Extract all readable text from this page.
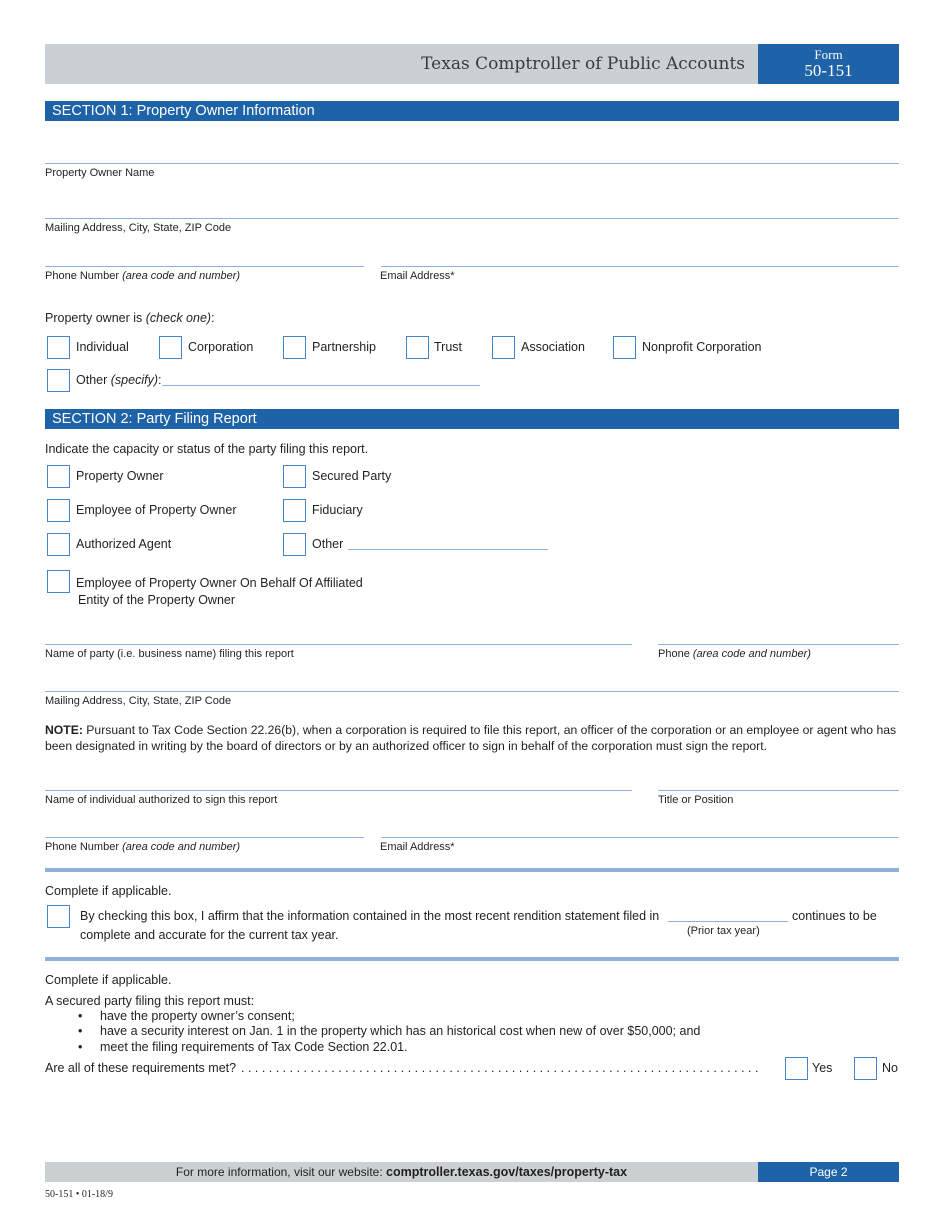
Texas Comptroller of Public Accounts	Form
50-151
SECTION 1: Property Owner Information
Property Owner Name
Mailing Address, City, State, ZIP Code
Phone Number (area code and number)	Email Address*
Property owner is (check one):
Individual	Corporation	Partnership	Trust	Association	Nonprofit Corporation
Other (specify):
SECTION 2: Party Filing Report
Indicate the capacity or status of the party filing this report.
Property Owner	Secured Party
Employee of Property Owner	Fiduciary
Authorized Agent	Other
Employee of Property Owner On Behalf Of Affiliated
Entity of the Property Owner
Name of party (i.e. business name) filing this report	Phone (area code and number)
Mailing Address, City, State, ZIP Code
NOTE: Pursuant to Tax Code Section 22.26(b), when a corporation is required to file this report, an officer of the corporation or an employee or agent who has been designated in writing by the board of directors or by an authorized officer to sign in behalf of the corporation must sign the report.
Name of individual authorized to sign this report	Title or Position
Phone Number (area code and number)	Email Address*
Complete if applicable.
By checking this box, I affirm that the information contained in the most recent rendition statement filed in	continues to be
complete and accurate for the current tax year.	(Prior tax year)
Complete if applicable.
A secured party filing this report must:
• have the property owner’s consent;
• have a security interest on Jan. 1 in the property which has an historical cost when new of over $50,000; and
• meet the filing requirements of Tax Code Section 22.01.
Are all of these requirements met? . . . . . . . . . . . . . . . . . . . . . . . . . . . . . . . . . . . . . . . . . . . . . . . . . . . . . . . . . . . . . . . . . . . . . . . . . . .	Yes	No
For more information, visit our website: comptroller.texas.gov/taxes/property-tax	Page 2
50-151 • 01-18/9
